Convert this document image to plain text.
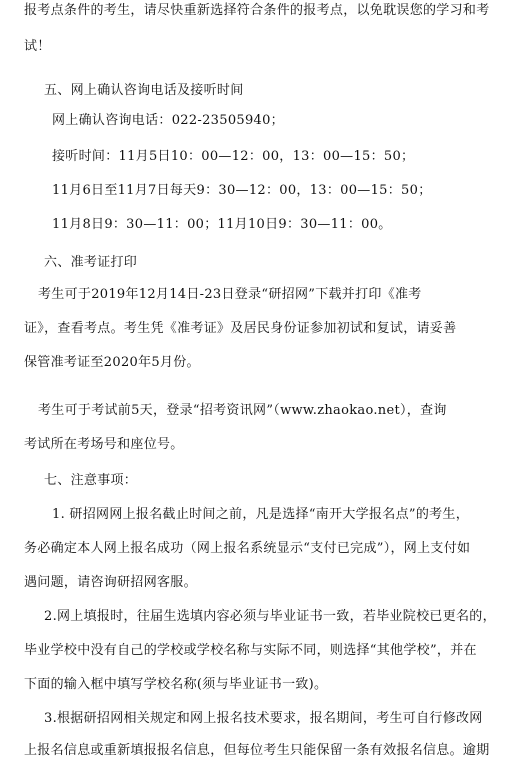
报考点条件的考生，请尽快重新选择符合条件的报考点，以免耽误您的学习和考
试！
五、网上确认咨询电话及接听时间
网上确认咨询电话：022-23505940；
接听时间：11月5日10：00—12：00，13：00—15：50；
11月6日至11月7日每天9：30—12：00，13：00—15：50；
11月8日9：30—11：00；11月10日9：30—11：00。
六、准考证打印
考生可于2019年12月14日-23日登录“研招网”下载并打印《准考
证》，查看考点。考生凭《准考证》及居民身份证参加初试和复试，请妥善
保管准考证至2020年5月份。
考生可于考试前5天，登录“招考资讯网”（www.zhaokao.net），查询
考试所在考场号和座位号。
七、注意事项：
1. 研招网网上报名截止时间之前，凡是选择“南开大学报名点”的考生，
务必确定本人网上报名成功（网上报名系统显示“支付已完成”），网上支付如
遇问题，请咨询研招网客服。
2.网上填报时，往届生选填内容必须与毕业证书一致，若毕业院校已更名的，
毕业学校中没有自己的学校或学校名称与实际不同，则选择“其他学校”，并在
下面的输入框中填写学校名称(须与毕业证书一致)。
3.根据研招网相关规定和网上报名技术要求，报名期间，考生可自行修改网
上报名信息或重新填报报名信息，但每位考生只能保留一条有效报名信息。逾期
